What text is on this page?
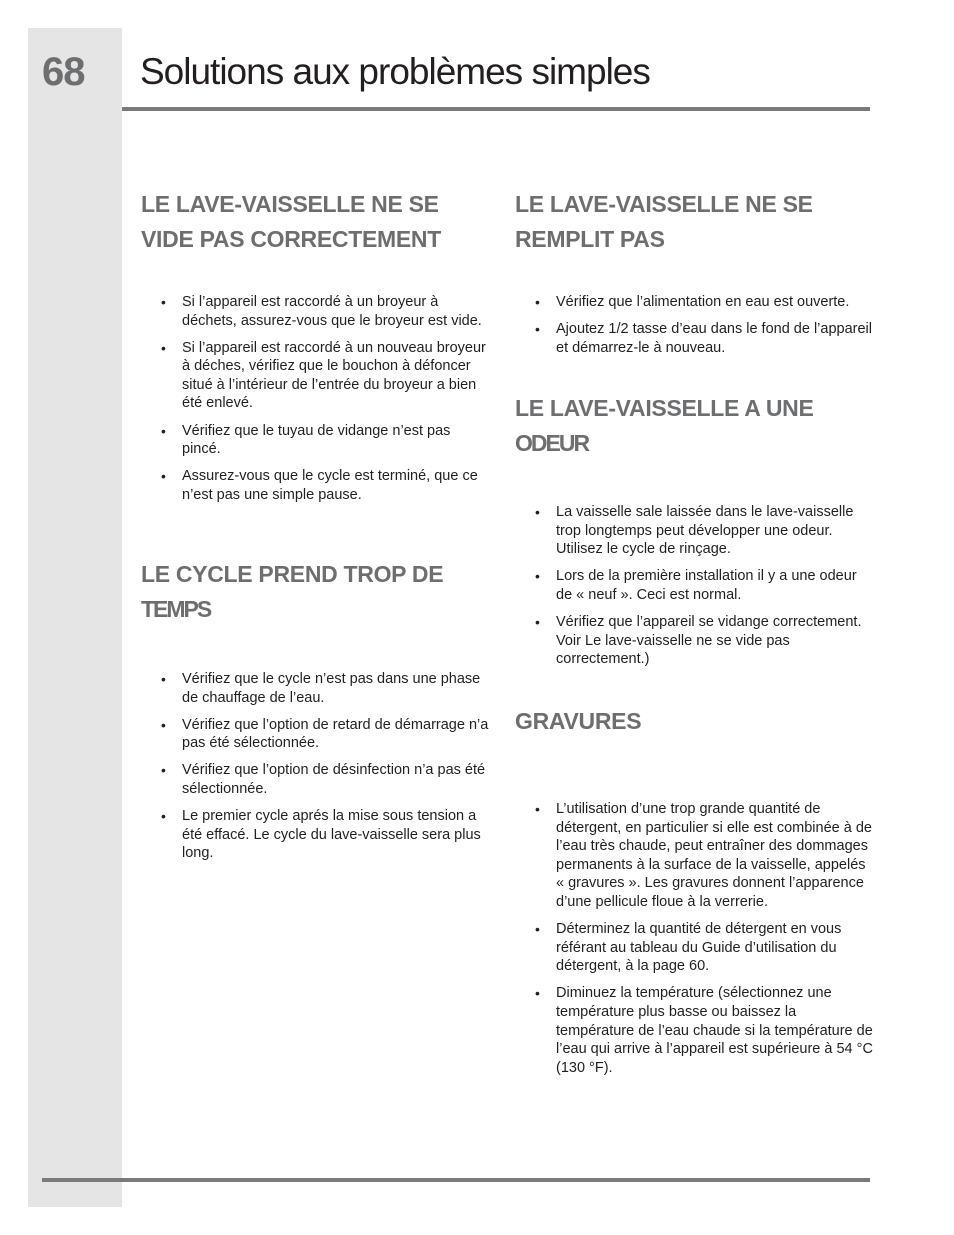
68 Solutions aux problèmes simples
LE LAVE-VAISSELLE NE SE
VIDE PAS CORRECTEMENT
• Si l’appareil est raccordé à un broyeur à déchets, assurez-vous que le broyeur est vide.
• Si l’appareil est raccordé à un nouveau broyeur à déches, vérifiez que le bouchon à défoncer situé à l’intérieur de l’entrée du broyeur a bien été enlevé.
• Vérifiez que le tuyau de vidange n’est pas pincé.
• Assurez-vous que le cycle est terminé, que ce n’est pas une simple pause.
LE CYCLE PREND TROP DE
TEMPS
• Vérifiez que le cycle n’est pas dans une phase de chauffage de l’eau.
• Vérifiez que l’option de retard de démarrage n’a pas été sélectionnée.
• Vérifiez que l’option de désinfection n’a pas été sélectionnée.
• Le premier cycle aprés la mise sous tension a été effacé. Le cycle du lave-vaisselle sera plus long.
LE LAVE-VAISSELLE NE SE
REMPLIT PAS
• Vérifiez que l’alimentation en eau est ouverte.
• Ajoutez 1/2 tasse d’eau dans le fond de l’appareil et démarrez-le à nouveau.
LE LAVE-VAISSELLE A UNE
ODEUR
• La vaisselle sale laissée dans le lave-vaisselle trop longtemps peut développer une odeur. Utilisez le cycle de rinçage.
• Lors de la première installation il y a une odeur de « neuf ». Ceci est normal.
• Vérifiez que l’appareil se vidange correctement. Voir Le lave-vaisselle ne se vide pas correctement.)
GRAVURES
• L’utilisation d’une trop grande quantité de détergent, en particulier si elle est combinée à de l’eau très chaude, peut entraîner des dommages permanents à la surface de la vaisselle, appelés « gravures ». Les gravures donnent l’apparence d’une pellicule floue à la verrerie.
• Déterminez la quantité de détergent en vous référant au tableau du Guide d’utilisation du détergent, à la page 60.
• Diminuez la température (sélectionnez une température plus basse ou baissez la température de l’eau chaude si la température de l’eau qui arrive à l’appareil est supérieure à 54 °C (130 °F).
